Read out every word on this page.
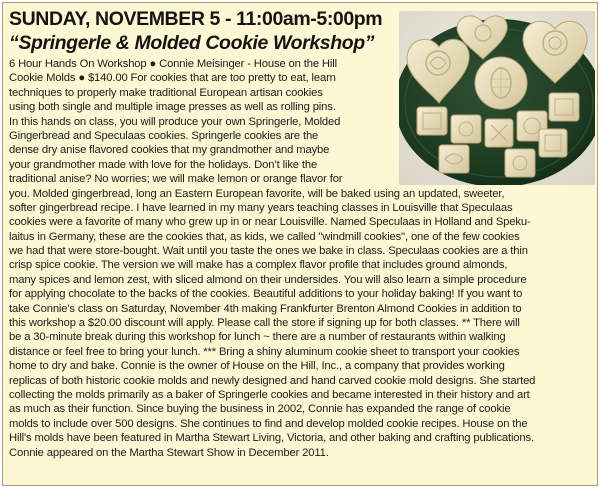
SUNDAY, NOVEMBER 5 - 11:00am-5:00pm
“Springerle & Molded Cookie Workshop”
6 Hour Hands On Workshop ● Connie Meisinger - House on the Hill
Cookie Molds ● $140.00 For cookies that are too pretty to eat, learn
techniques to properly make traditional European artisan cookies
using both single and multiple image presses as well as rolling pins.
In this hands on class, you will produce your own Springerle, Molded
Gingerbread and Speculaas cookies. Springerle cookies are the
dense dry anise flavored cookies that my grandmother and maybe
your grandmother made with love for the holidays. Don’t like the
traditional anise? No worries; we will make lemon or orange flavor for
you. Molded gingerbread, long an Eastern European favorite, will be baked using an updated, sweeter,
softer gingerbread recipe. I have learned in my many years teaching classes in Louisville that Speculaas
cookies were a favorite of many who grew up in or near Louisville. Named Speculaas in Holland and Speku-
laitus in Germany, these are the cookies that, as kids, we called "windmill cookies", one of the few cookies
we had that were store-bought. Wait until you taste the ones we bake in class. Speculaas cookies are a thin
crisp spice cookie. The version we will make has a complex flavor profile that includes ground almonds,
many spices and lemon zest, with sliced almond on their undersides. You will also learn a simple procedure
for applying chocolate to the backs of the cookies. Beautiful additions to your holiday baking! If you want to
take Connie's class on Saturday, November 4th making Frankfurter Brenton Almond Cookies in addition to
this workshop a $20.00 discount will apply. Please call the store if signing up for both classes. ** There will
be a 30-minute break during this workshop for lunch ~ there are a number of restaurants within walking
distance or feel free to bring your lunch. *** Bring a shiny aluminum cookie sheet to transport your cookies
home to dry and bake. Connie is the owner of House on the Hill, Inc., a company that provides working
replicas of both historic cookie molds and newly designed and hand carved cookie mold designs. She started
collecting the molds primarily as a baker of Springerle cookies and became interested in their history and art
as much as their function. Since buying the business in 2002, Connie has expanded the range of cookie
molds to include over 500 designs. She continues to find and develop molded cookie recipes. House on the
Hill's molds have been featured in Martha Stewart Living, Victoria, and other baking and crafting publications.
Connie appeared on the Martha Stewart Show in December 2011.
